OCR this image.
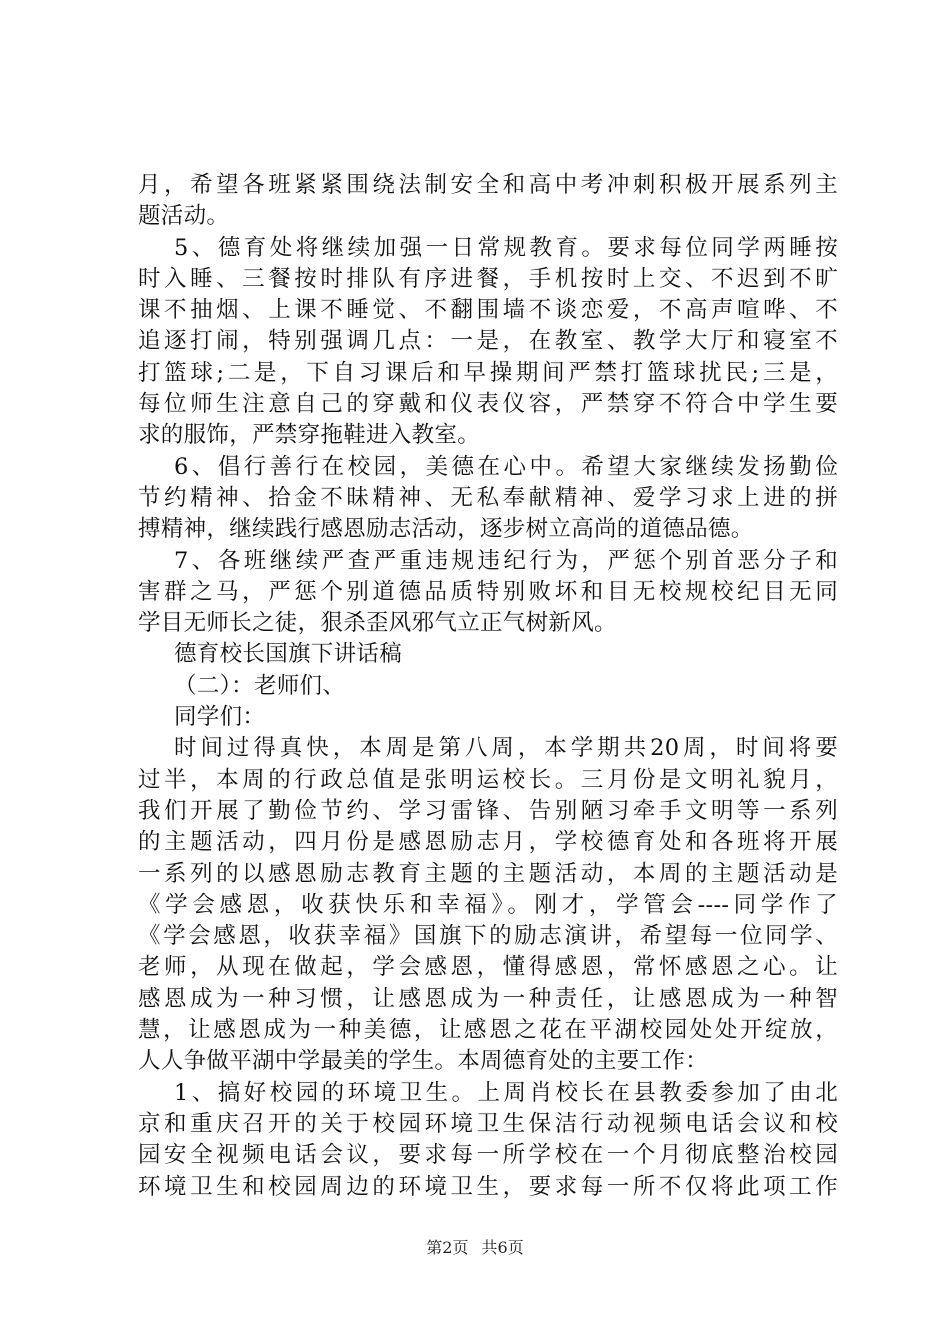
月，希望各班紧紧围绕法制安全和高中考冲刺积极开展系列主
题活动。
5、德育处将继续加强一日常规教育。要求每位同学两睡按
时入睡、三餐按时排队有序进餐，手机按时上交、不迟到不旷
课不抽烟、上课不睡觉、不翻围墙不谈恋爱，不高声喧哗、不
追逐打闹，特别强调几点：一是，在教室、教学大厅和寝室不
打篮球;二是，下自习课后和早操期间严禁打篮球扰民;三是，
每位师生注意自己的穿戴和仪表仪容，严禁穿不符合中学生要
求的服饰，严禁穿拖鞋进入教室。
6、倡行善行在校园，美德在心中。希望大家继续发扬勤俭
节约精神、拾金不昧精神、无私奉献精神、爱学习求上进的拼
搏精神，继续践行感恩励志活动，逐步树立高尚的道德品德。
7、各班继续严查严重违规违纪行为，严惩个别首恶分子和
害群之马，严惩个别道德品质特别败坏和目无校规校纪目无同
学目无师长之徒，狠杀歪风邪气立正气树新风。
德育校长国旗下讲话稿
（二）：老师们、
同学们：
时间过得真快，本周是第八周，本学期共20周，时间将要
过半，本周的行政总值是张明运校长。三月份是文明礼貌月，
我们开展了勤俭节约、学习雷锋、告别陋习牵手文明等一系列
的主题活动，四月份是感恩励志月，学校德育处和各班将开展
一系列的以感恩励志教育主题的主题活动，本周的主题活动是
《学会感恩，收获快乐和幸福》。刚才，学管会----同学作了
《学会感恩，收获幸福》国旗下的励志演讲，希望每一位同学、
老师，从现在做起，学会感恩，懂得感恩，常怀感恩之心。让
感恩成为一种习惯，让感恩成为一种责任，让感恩成为一种智
慧，让感恩成为一种美德，让感恩之花在平湖校园处处开绽放，
人人争做平湖中学最美的学生。本周德育处的主要工作：
1、搞好校园的环境卫生。上周肖校长在县教委参加了由北
京和重庆召开的关于校园环境卫生保洁行动视频电话会议和校
园安全视频电话会议，要求每一所学校在一个月彻底整治校园
环境卫生和校园周边的环境卫生，要求每一所不仅将此项工作
第2页 共6页
